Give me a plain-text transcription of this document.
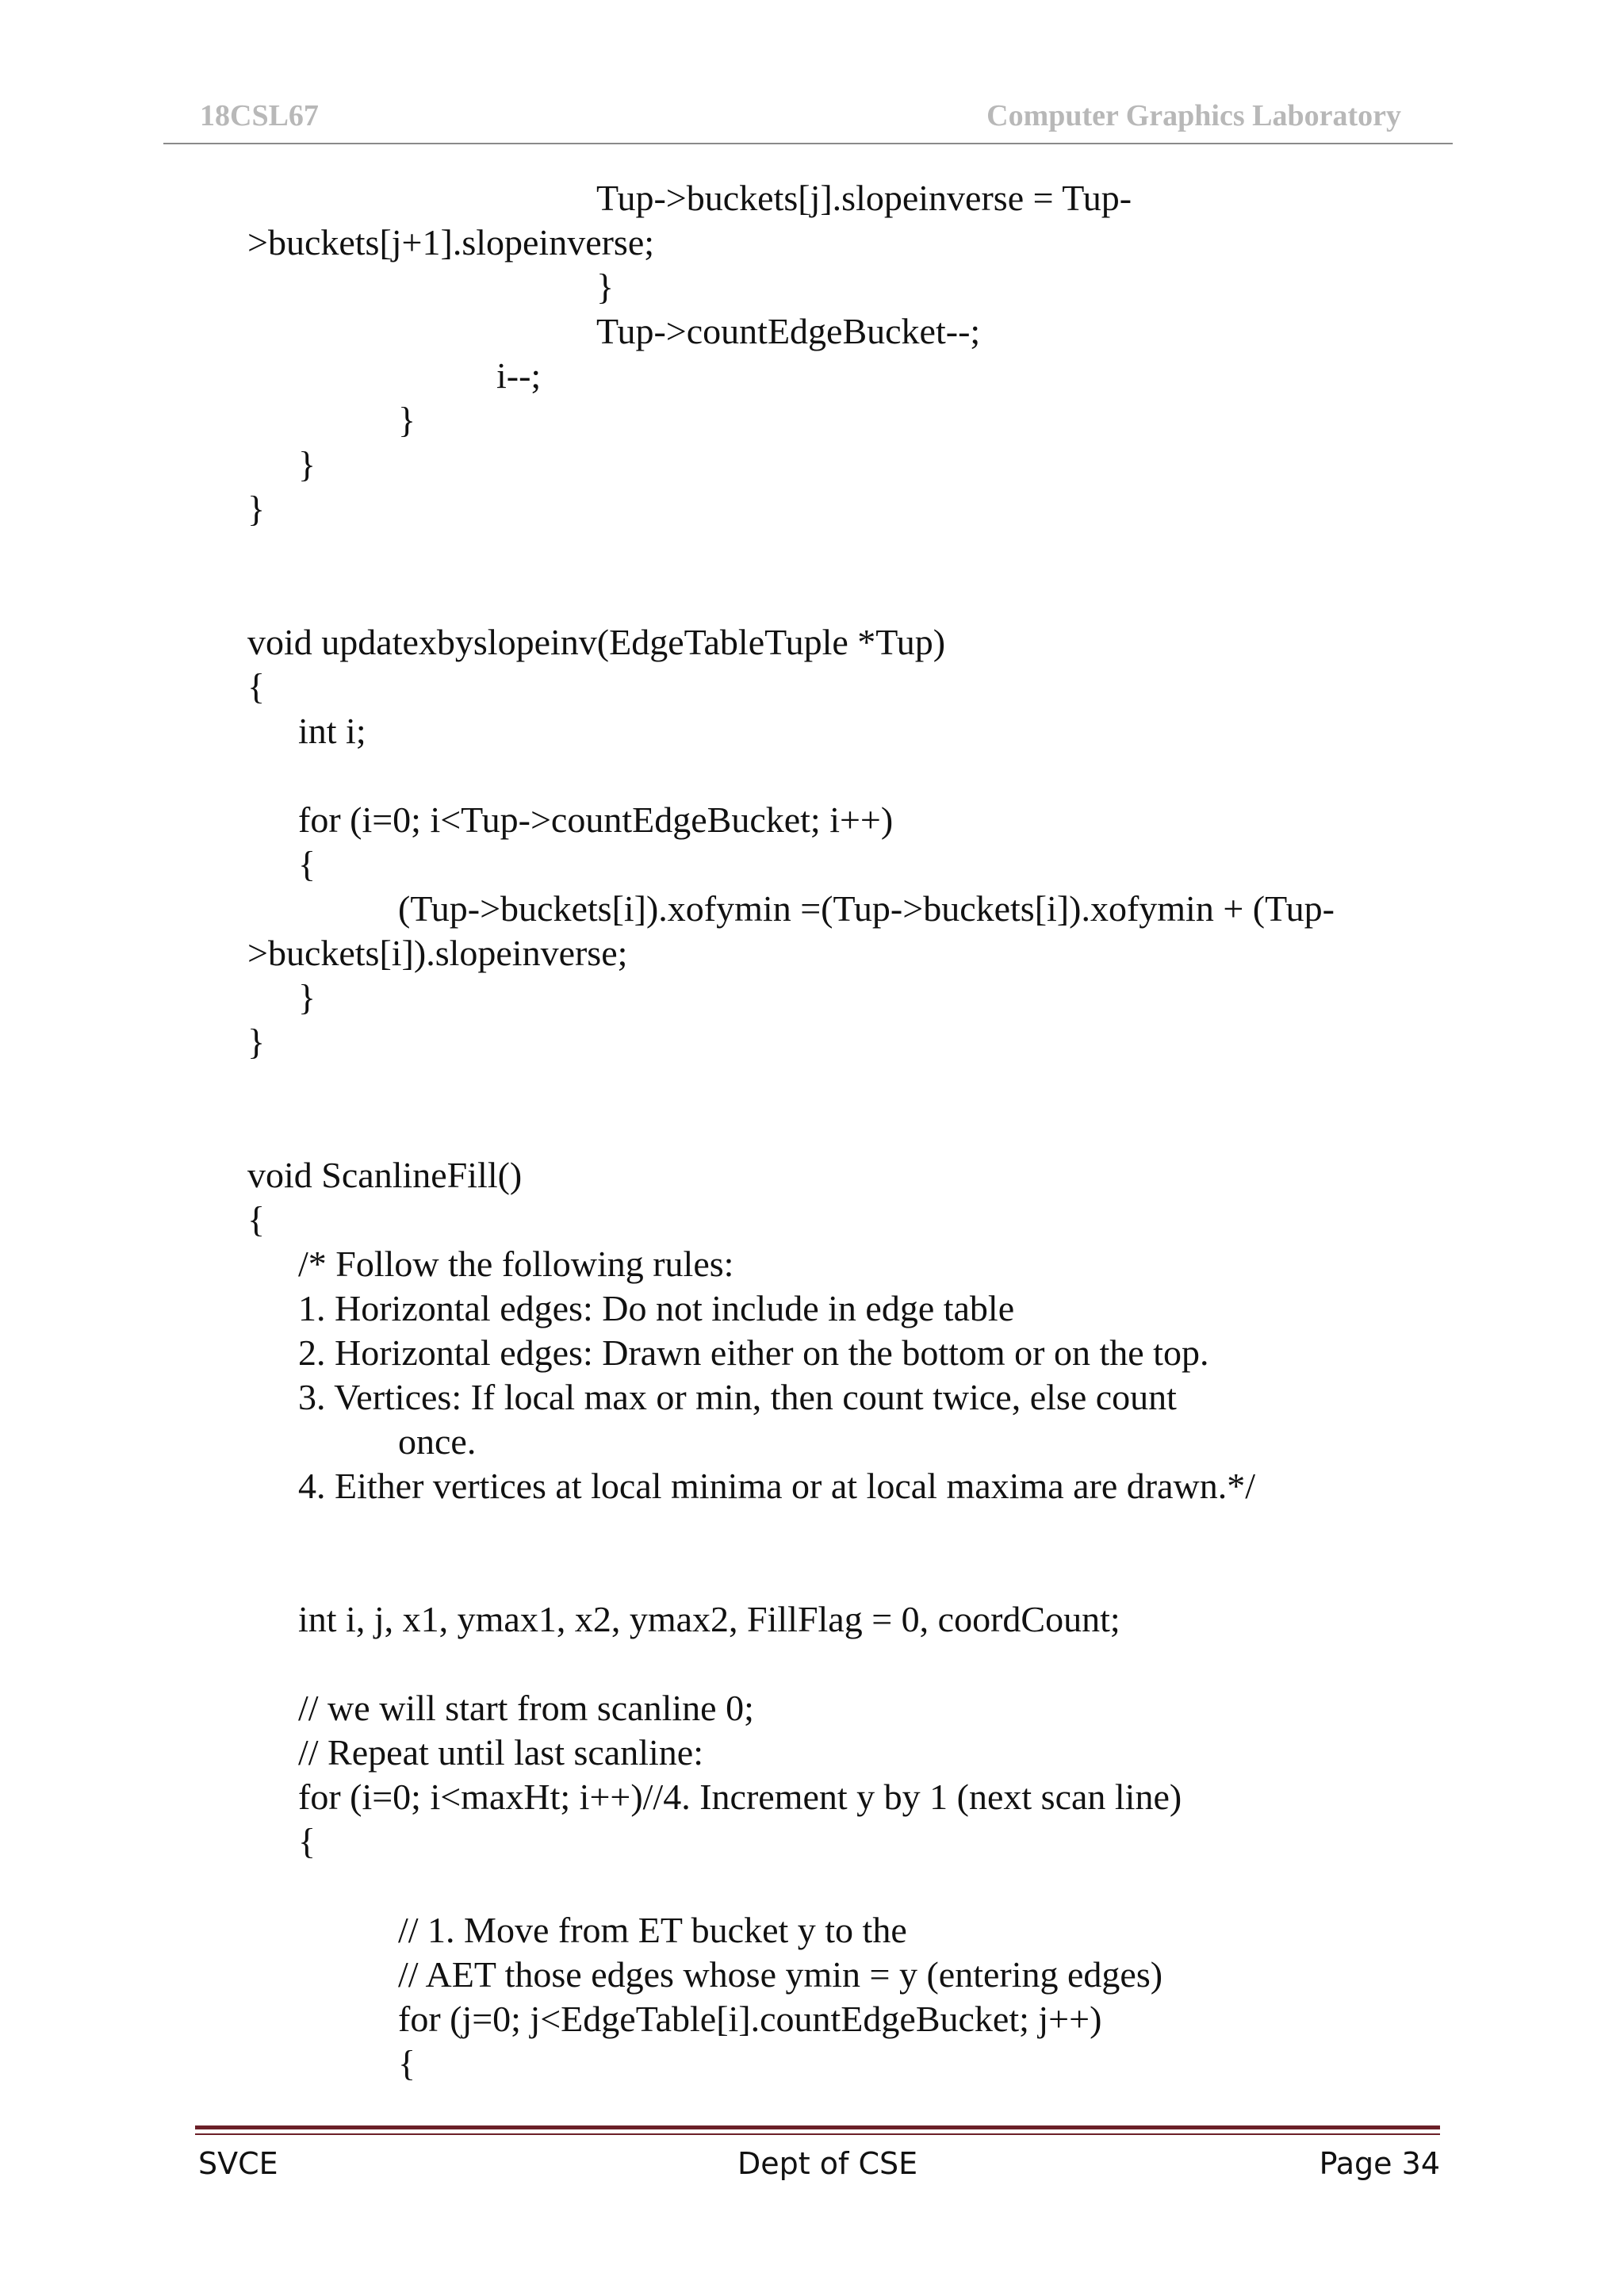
18CSL67	Computer Graphics Laboratory
Tup->buckets[j].slopeinverse = Tup-
>buckets[j+1].slopeinverse;
}
Tup->countEdgeBucket--;
i--;
}
}
}
void updatexbyslopeinv(EdgeTableTuple *Tup)
{
int i;
for (i=0; i<Tup->countEdgeBucket; i++)
{
(Tup->buckets[i]).xofymin =(Tup->buckets[i]).xofymin + (Tup-
>buckets[i]).slopeinverse;
}
}
void ScanlineFill()
{
/* Follow the following rules:
1. Horizontal edges: Do not include in edge table
2. Horizontal edges: Drawn either on the bottom or on the top.
3. Vertices: If local max or min, then count twice, else count
once.
4. Either vertices at local minima or at local maxima are drawn.*/
int i, j, x1, ymax1, x2, ymax2, FillFlag = 0, coordCount;
// we will start from scanline 0;
// Repeat until last scanline:
for (i=0; i<maxHt; i++)//4. Increment y by 1 (next scan line)
{
// 1. Move from ET bucket y to the
// AET those edges whose ymin = y (entering edges)
for (j=0; j<EdgeTable[i].countEdgeBucket; j++)
{
SVCE	Dept of CSE	Page 34
